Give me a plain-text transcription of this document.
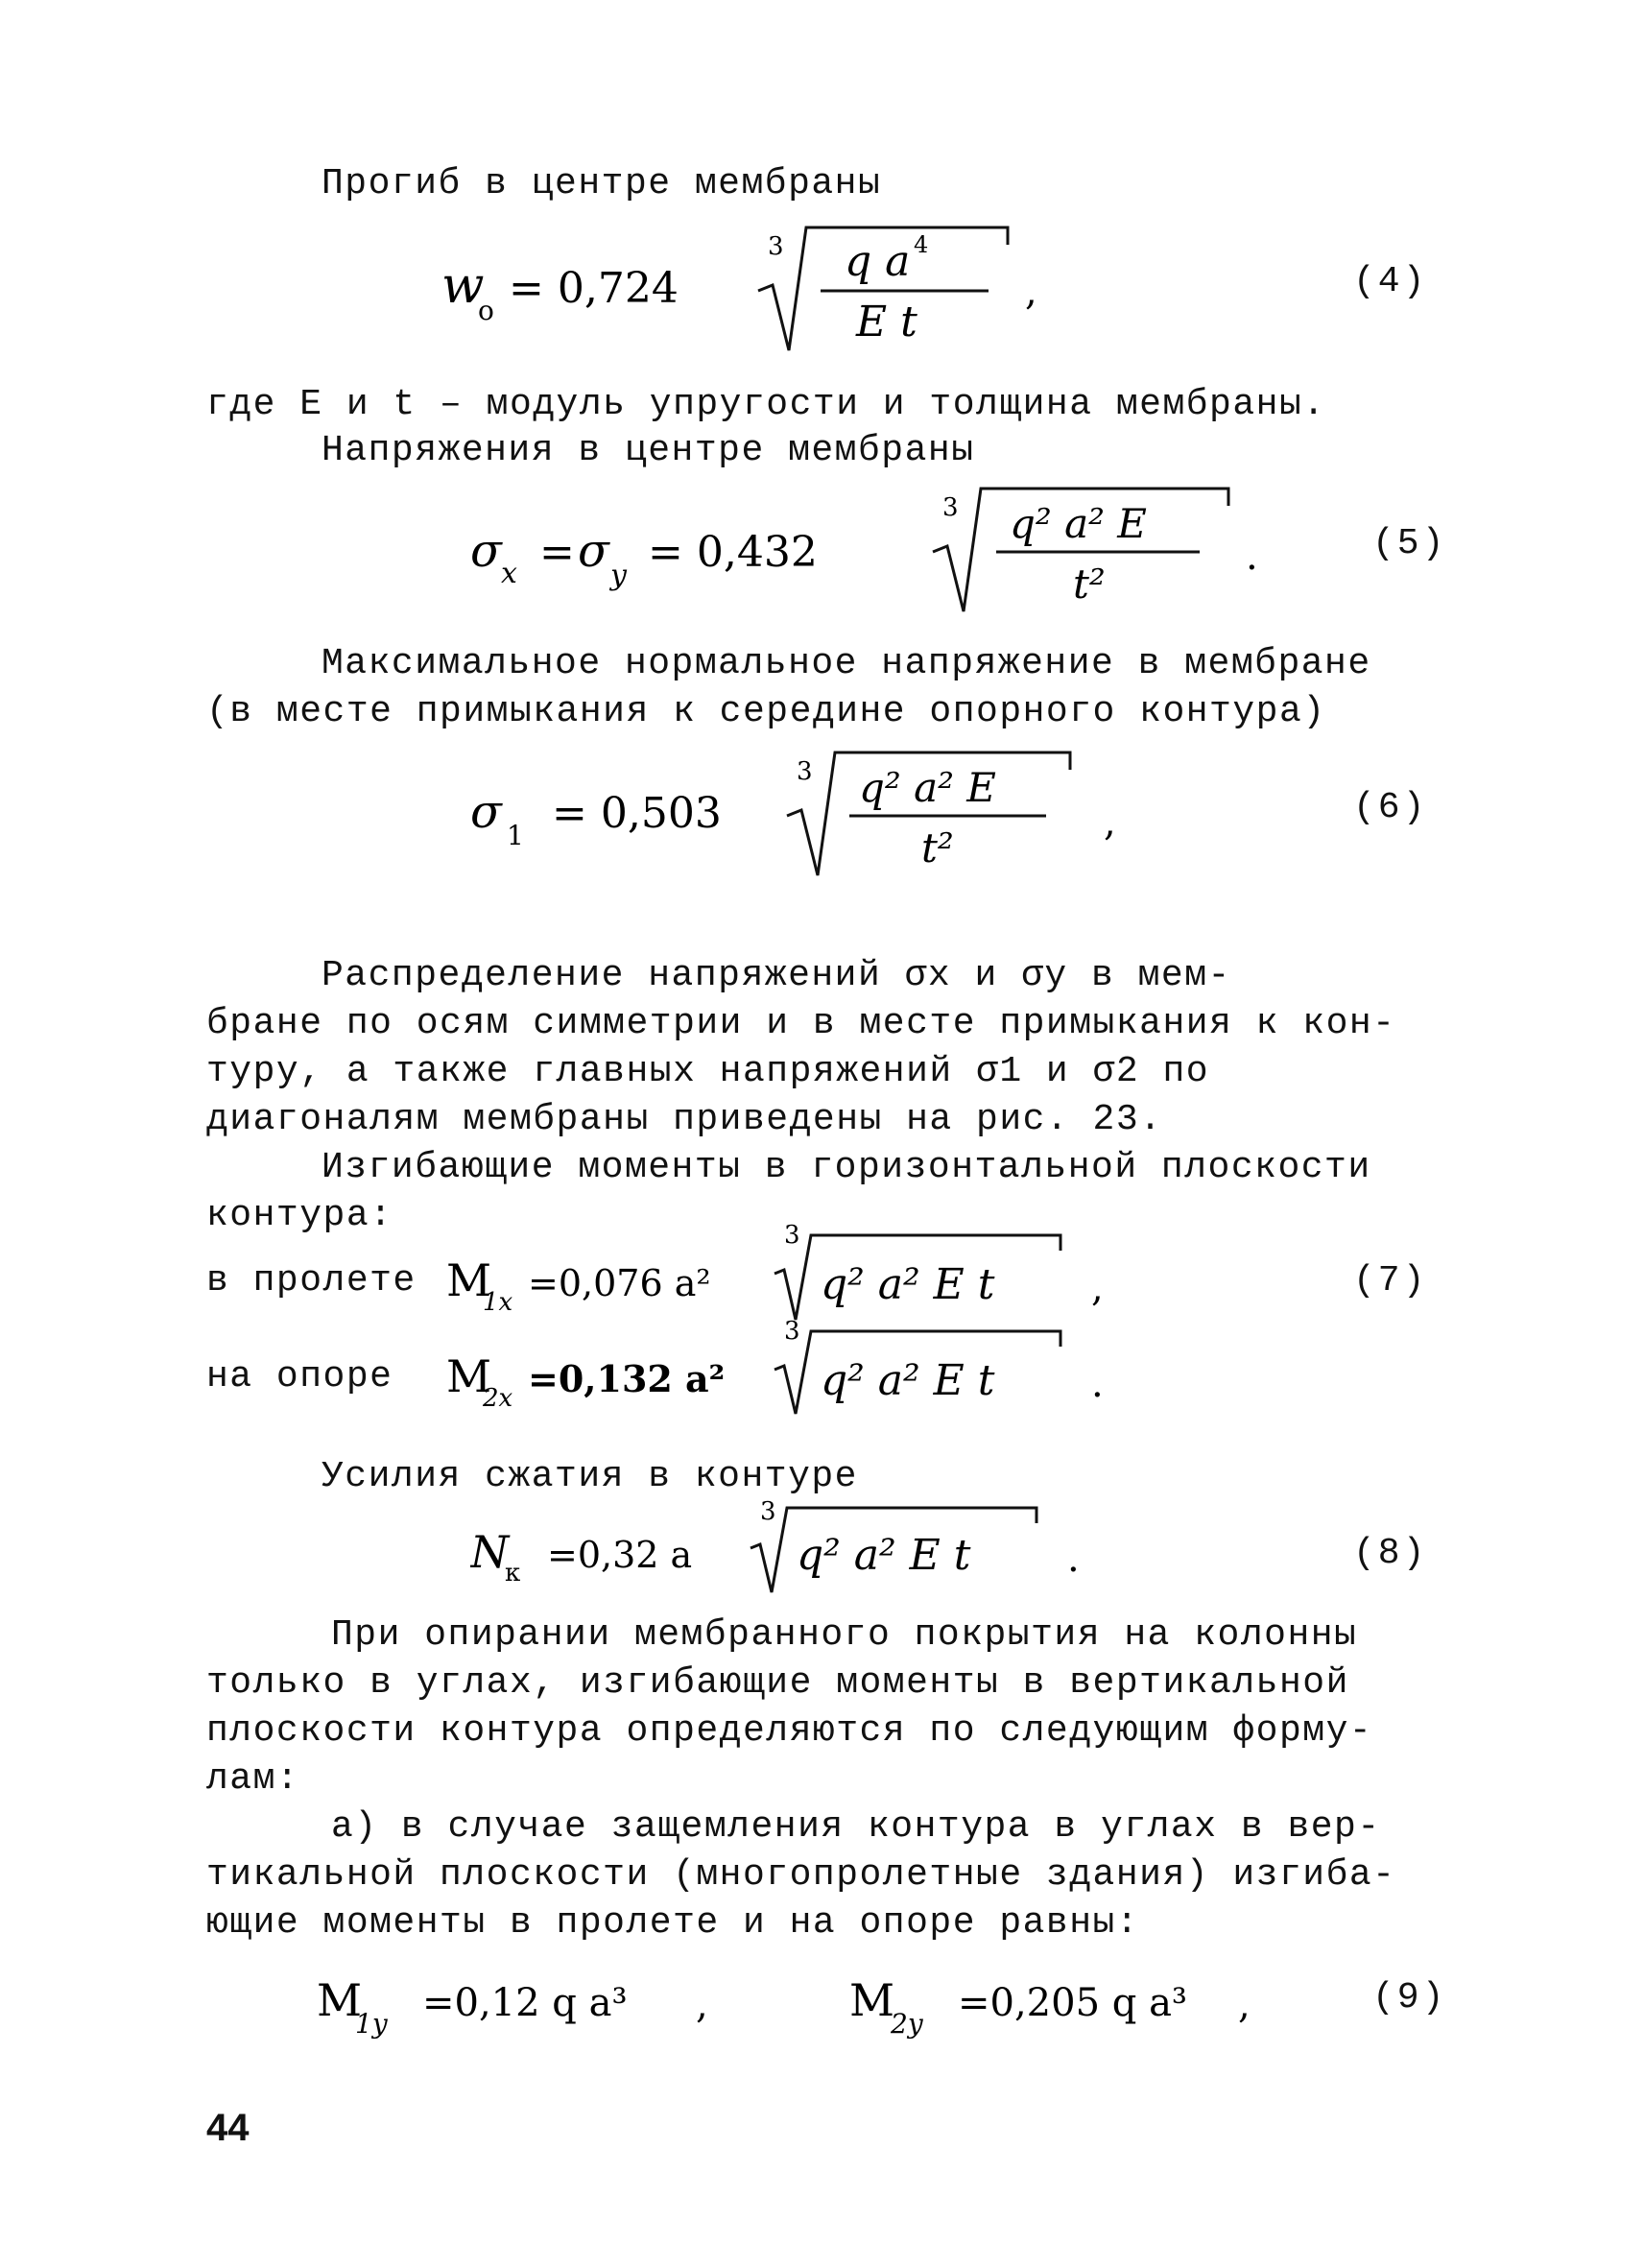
Прогиб в центре мембраны
w
o = 0,724
3 q a 4
E t
,	(4)
где E и t – модуль упругости и толщина мембраны.
Напряжения в центре мембраны
σ x = σ y = 0,432
3 q² a² E
t²
.	(5)
Максимальное нормальное напряжение в мембране
(в месте примыкания к середине опорного контура)
σ 1 = 0,503
3 q² a² E
t²
,	(6)
Распределение напряжений σx и σy в мем-
бране по осям симметрии и в месте примыкания к кон-
туру, а также главных напряжений σ1 и σ2 по
диагоналям мембраны приведены на рис. 23.
Изгибающие моменты в горизонтальной плоскости
контура:
в пролете M
1x =0,076 a²
3
q² a² E t	,
M
2x =0,132 a²
3
q² a² E t	.
(7)
на опоре
Усилия сжатия в контуре
N
к =0,32 a
3
q² a² E t	.	(8)
При опирании мембранного покрытия на колонны
только в углах, изгибающие моменты в вертикальной
плоскости контура определяются по следующим форму-
лам:
а) в случае защемления контура в углах в вер-
тикальной плоскости (многопролетные здания) изгиба-
ющие моменты в пролете и на опоре равны:
M
1y =0,12 q a³ ,	M
2y =0,205 q a³ ,	(9)
44
